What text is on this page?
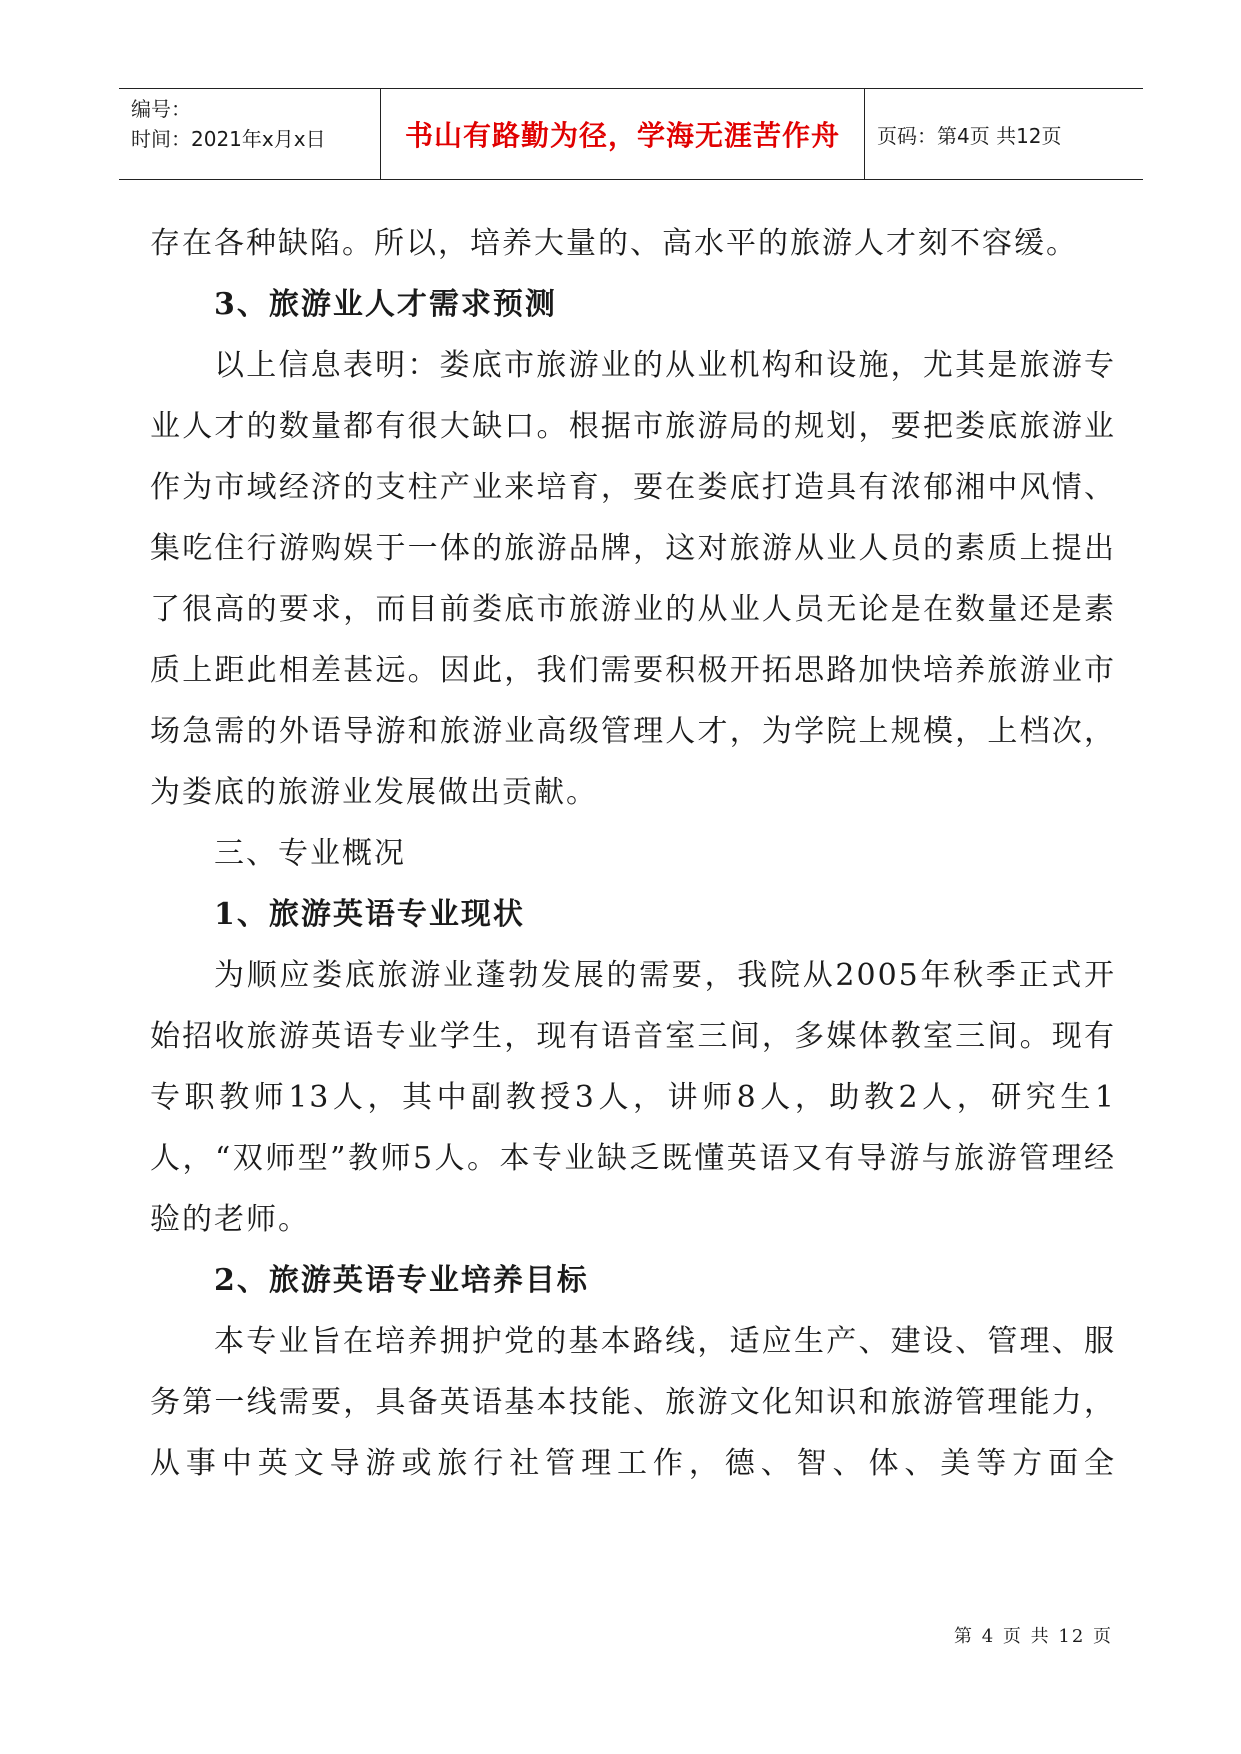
编号：
时间：2021年x月x日	书山有路勤为径，学海无涯苦作舟	页码：第4页 共12页

存在各种缺陷。所以，培养大量的、高水平的旅游人才刻不容缓。

3、旅游业人才需求预测

以上信息表明：娄底市旅游业的从业机构和设施，尤其是旅游专业人才的数量都有很大缺口。根据市旅游局的规划，要把娄底旅游业作为市域经济的支柱产业来培育，要在娄底打造具有浓郁湘中风情、集吃住行游购娱于一体的旅游品牌，这对旅游从业人员的素质上提出了很高的要求，而目前娄底市旅游业的从业人员无论是在数量还是素质上距此相差甚远。因此，我们需要积极开拓思路加快培养旅游业市场急需的外语导游和旅游业高级管理人才，为学院上规模，上档次，为娄底的旅游业发展做出贡献。

三、专业概况

1、旅游英语专业现状

为顺应娄底旅游业蓬勃发展的需要，我院从2005年秋季正式开始招收旅游英语专业学生，现有语音室三间，多媒体教室三间。现有专职教师13人，其中副教授3人，讲师8人，助教2人，研究生1人，“双师型”教师5人。本专业缺乏既懂英语又有导游与旅游管理经验的老师。

2、旅游英语专业培养目标

本专业旨在培养拥护党的基本路线，适应生产、建设、管理、服务第一线需要，具备英语基本技能、旅游文化知识和旅游管理能力，从事中英文导游或旅行社管理工作，德、智、体、美等方面全

第 4 页 共 12 页
